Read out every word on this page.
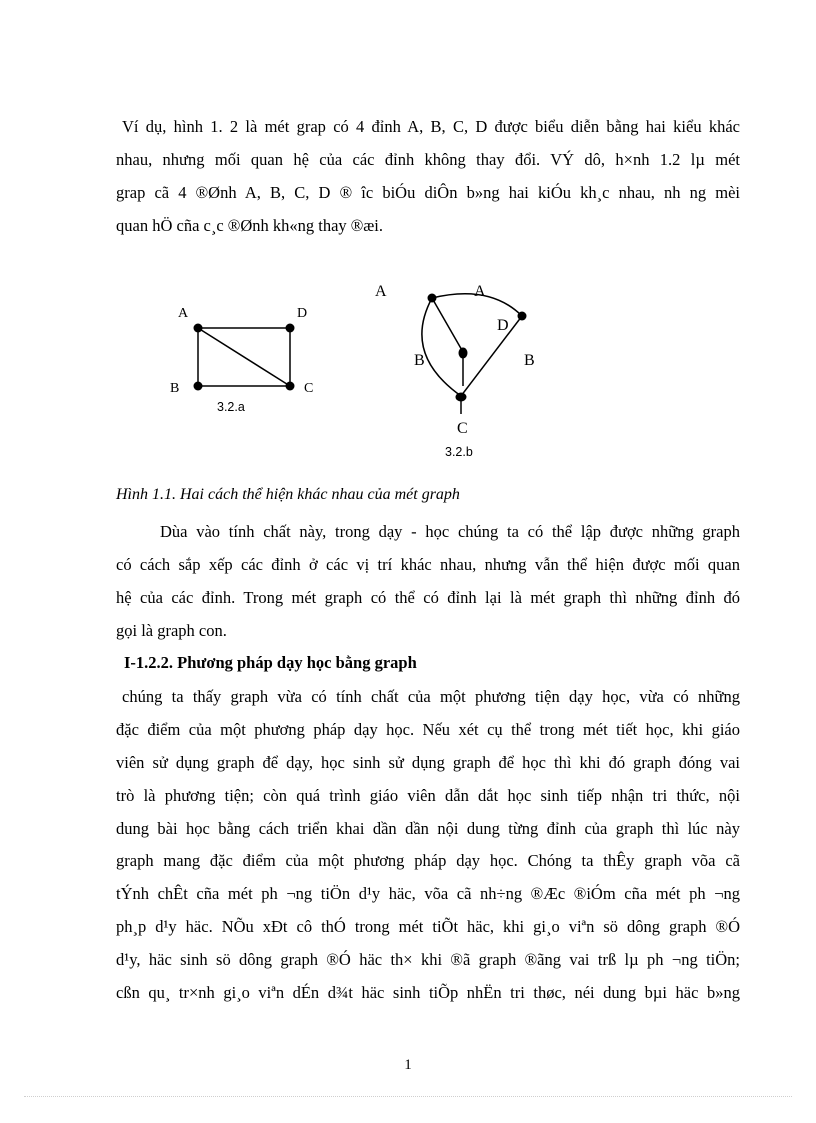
Ví dụ, hình 1. 2 là mét grap có 4 đỉnh A, B, C, D được biểu diễn bằng hai kiểu khác
nhau, nhưng mối quan hệ của các đỉnh không thay đổi. VÝ dô, h×nh 1.2 lµ mét
grap cã 4 ®Ønh A, B, C, D ® îc biÓu diÔn b»ng hai kiÓu kh¸c nhau, nh ng mèi
quan hÖ cña c¸c ®Ønh kh«ng thay ®æi.
A	D
B	C
3.2.a
A	A
D
B	B
C
3.2.b
Hình 1.1. Hai cách thể hiện khác nhau của mét graph
Dùa vào tính chất này, trong dạy - học chúng ta có thể lập được những graph
có cách sắp xếp các đỉnh ở các vị trí khác nhau, nhưng vẫn thể hiện được mối quan
hệ của các đỉnh. Trong mét graph có thể có đỉnh lại là mét graph thì những đỉnh đó
gọi là graph con.
I-1.2.2. Phương pháp dạy học bằng graph
chúng ta thấy graph vừa có tính chất của một phương tiện dạy học, vừa có những
đặc điểm của một phương pháp dạy học. Nếu xét cụ thể trong mét tiết học, khi giáo
viên sử dụng graph để dạy, học sinh sử dụng graph để học thì khi đó graph đóng vai
trò là phương tiện; còn quá trình giáo viên dẫn dắt học sinh tiếp nhận tri thức, nội
dung bài học bằng cách triển khai dần dần nội dung từng đỉnh của graph thì lúc này
graph mang đặc điểm của một phương pháp dạy học. Chóng ta thÊy graph võa cã
tÝnh chÊt cña mét ph ¬ng tiÖn d¹y häc, võa cã nh÷ng ®Æc ®iÓm cña mét ph ¬ng
ph¸p d¹y häc. NÕu xÐt cô thÓ trong mét tiÕt häc, khi gi¸o viªn sö dông graph ®Ó
d¹y, häc sinh sö dông graph ®Ó häc th× khi ®ã graph ®ãng vai trß lµ ph ¬ng tiÖn;
cßn qu¸ tr×nh gi¸o viªn dÉn d¾t häc sinh tiÕp nhËn tri thøc, néi dung bµi häc b»ng
1
